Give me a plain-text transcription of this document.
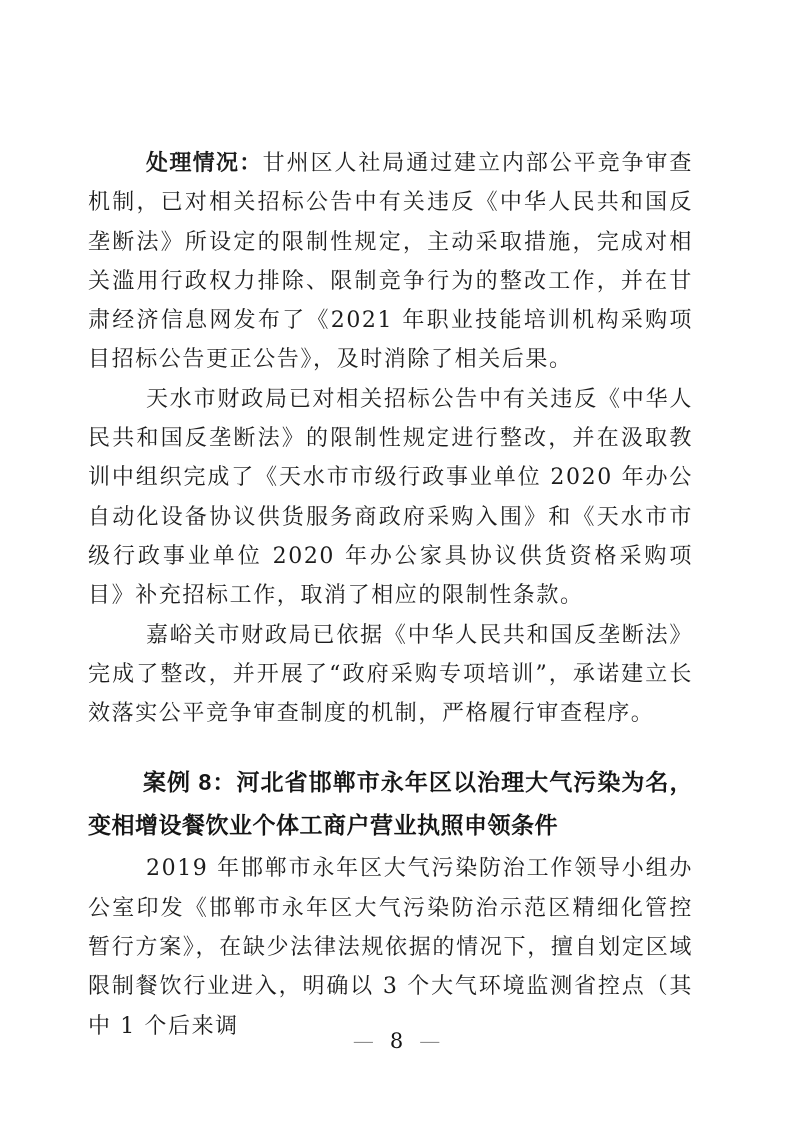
处理情况：甘州区人社局通过建立内部公平竞争审查机制，已对相关招标公告中有关违反《中华人民共和国反垄断法》所设定的限制性规定，主动采取措施，完成对相关滥用行政权力排除、限制竞争行为的整改工作，并在甘肃经济信息网发布了《2021 年职业技能培训机构采购项目招标公告更正公告》，及时消除了相关后果。

天水市财政局已对相关招标公告中有关违反《中华人民共和国反垄断法》的限制性规定进行整改，并在汲取教训中组织完成了《天水市市级行政事业单位 2020 年办公自动化设备协议供货服务商政府采购入围》和《天水市市级行政事业单位 2020 年办公家具协议供货资格采购项目》补充招标工作，取消了相应的限制性条款。

嘉峪关市财政局已依据《中华人民共和国反垄断法》完成了整改，并开展了“政府采购专项培训”，承诺建立长效落实公平竞争审查制度的机制，严格履行审查程序。

案例 8：河北省邯郸市永年区以治理大气污染为名，变相增设餐饮业个体工商户营业执照申领条件

2019 年邯郸市永年区大气污染防治工作领导小组办公室印发《邯郸市永年区大气污染防治示范区精细化管控暂行方案》，在缺少法律法规依据的情况下，擅自划定区域限制餐饮行业进入，明确以 3 个大气环境监测省控点（其中 1 个后来调

— 8 —
